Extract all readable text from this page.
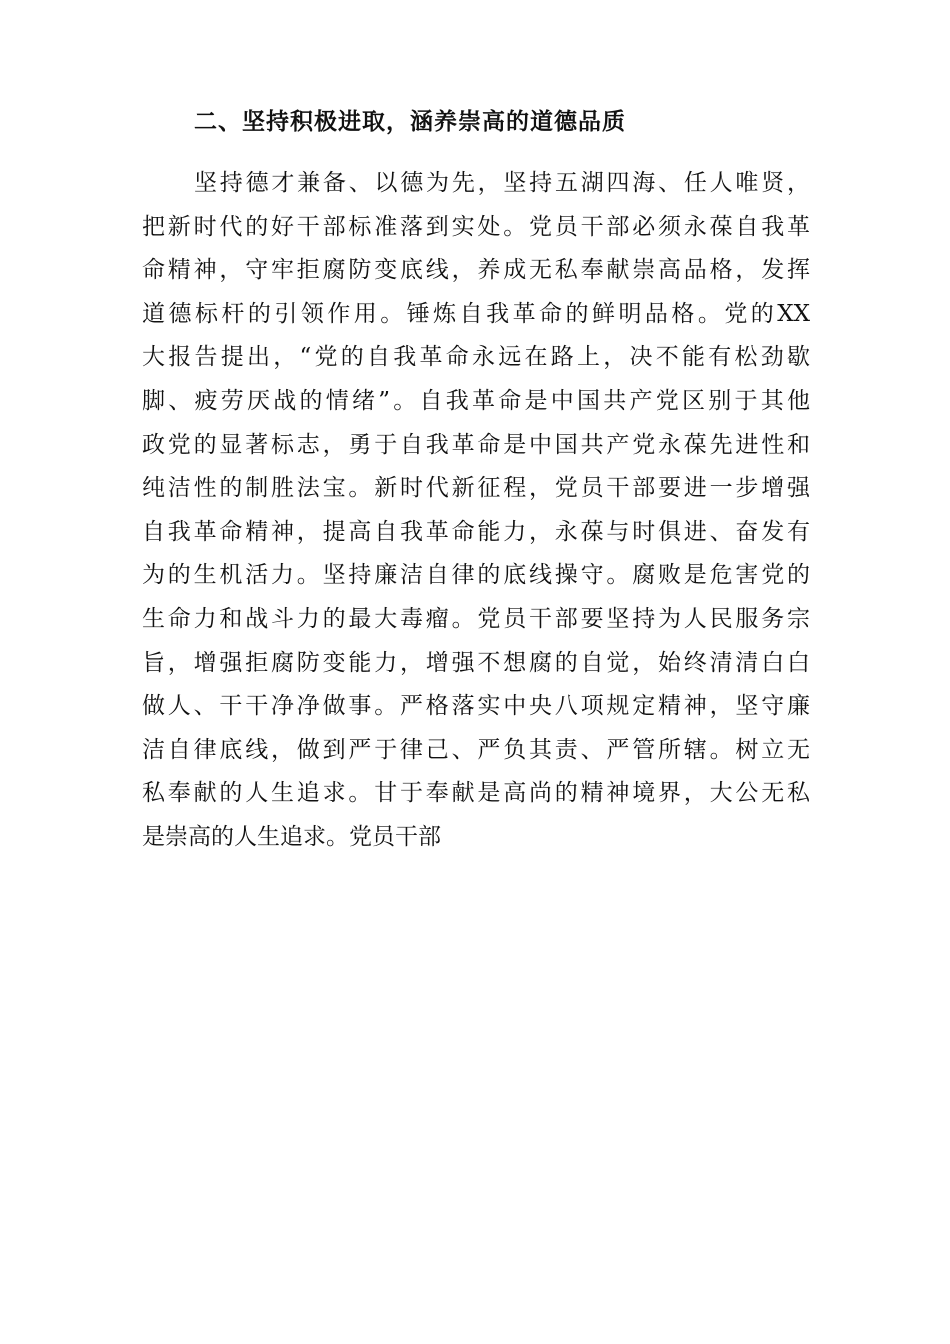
二、坚持积极进取，涵养崇高的道德品质
坚持德才兼备、以德为先，坚持五湖四海、任人唯贤，
把新时代的好干部标准落到实处。党员干部必须永葆自我革
命精神，守牢拒腐防变底线，养成无私奉献崇高品格，发挥
道德标杆的引领作用。锤炼自我革命的鲜明品格。党的XX
大报告提出，“党的自我革命永远在路上，决不能有松劲歇
脚、疲劳厌战的情绪”。自我革命是中国共产党区别于其他
政党的显著标志，勇于自我革命是中国共产党永葆先进性和
纯洁性的制胜法宝。新时代新征程，党员干部要进一步增强
自我革命精神，提高自我革命能力，永葆与时俱进、奋发有
为的生机活力。坚持廉洁自律的底线操守。腐败是危害党的
生命力和战斗力的最大毒瘤。党员干部要坚持为人民服务宗
旨，增强拒腐防变能力，增强不想腐的自觉，始终清清白白
做人、干干净净做事。严格落实中央八项规定精神，坚守廉
洁自律底线，做到严于律己、严负其责、严管所辖。树立无
私奉献的人生追求。甘于奉献是高尚的精神境界，大公无私
是崇高的人生追求。党员干部
